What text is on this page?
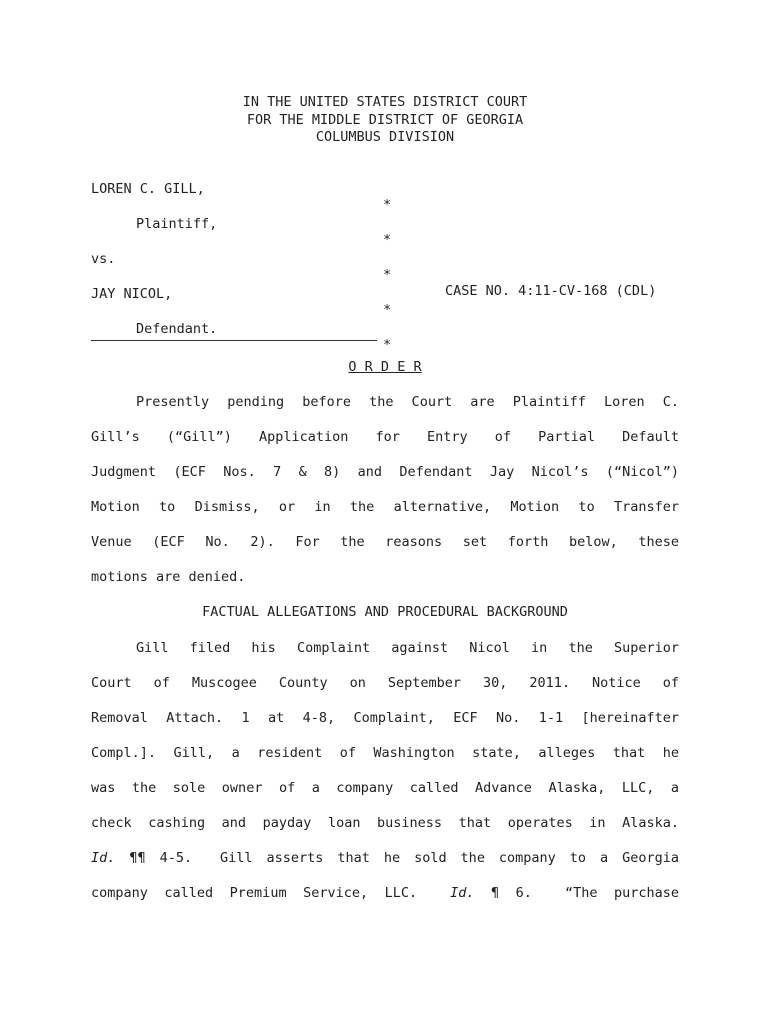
IN THE UNITED STATES DISTRICT COURT
FOR THE MIDDLE DISTRICT OF GEORGIA
COLUMBUS DIVISION

LOREN C. GILL,

*

Plaintiff,

*

vs.

*

CASE NO. 4:11-CV-168 (CDL)

JAY NICOL,

*

Defendant.

*

O R D E R
Presently pending before the Court are Plaintiff Loren C.
Gill’s (“Gill”) Application for Entry of Partial Default
Judgment (ECF Nos. 7 & 8) and Defendant Jay Nicol’s (“Nicol”)
Motion to Dismiss, or in the alternative, Motion to Transfer
Venue (ECF No. 2). For the reasons set forth below, these
motions are denied.
FACTUAL ALLEGATIONS AND PROCEDURAL BACKGROUND
Gill filed his Complaint against Nicol in the Superior
Court of Muscogee County on September 30, 2011. Notice of
Removal Attach. 1 at 4-8, Complaint, ECF No. 1-1 [hereinafter
Compl.]. Gill, a resident of Washington state, alleges that he
was the sole owner of a company called Advance Alaska, LLC, a
check cashing and payday loan business that operates in Alaska.
Id. ¶¶ 4-5.  Gill asserts that he sold the company to a Georgia
company called Premium Service, LLC.  Id. ¶ 6.  “The purchase
